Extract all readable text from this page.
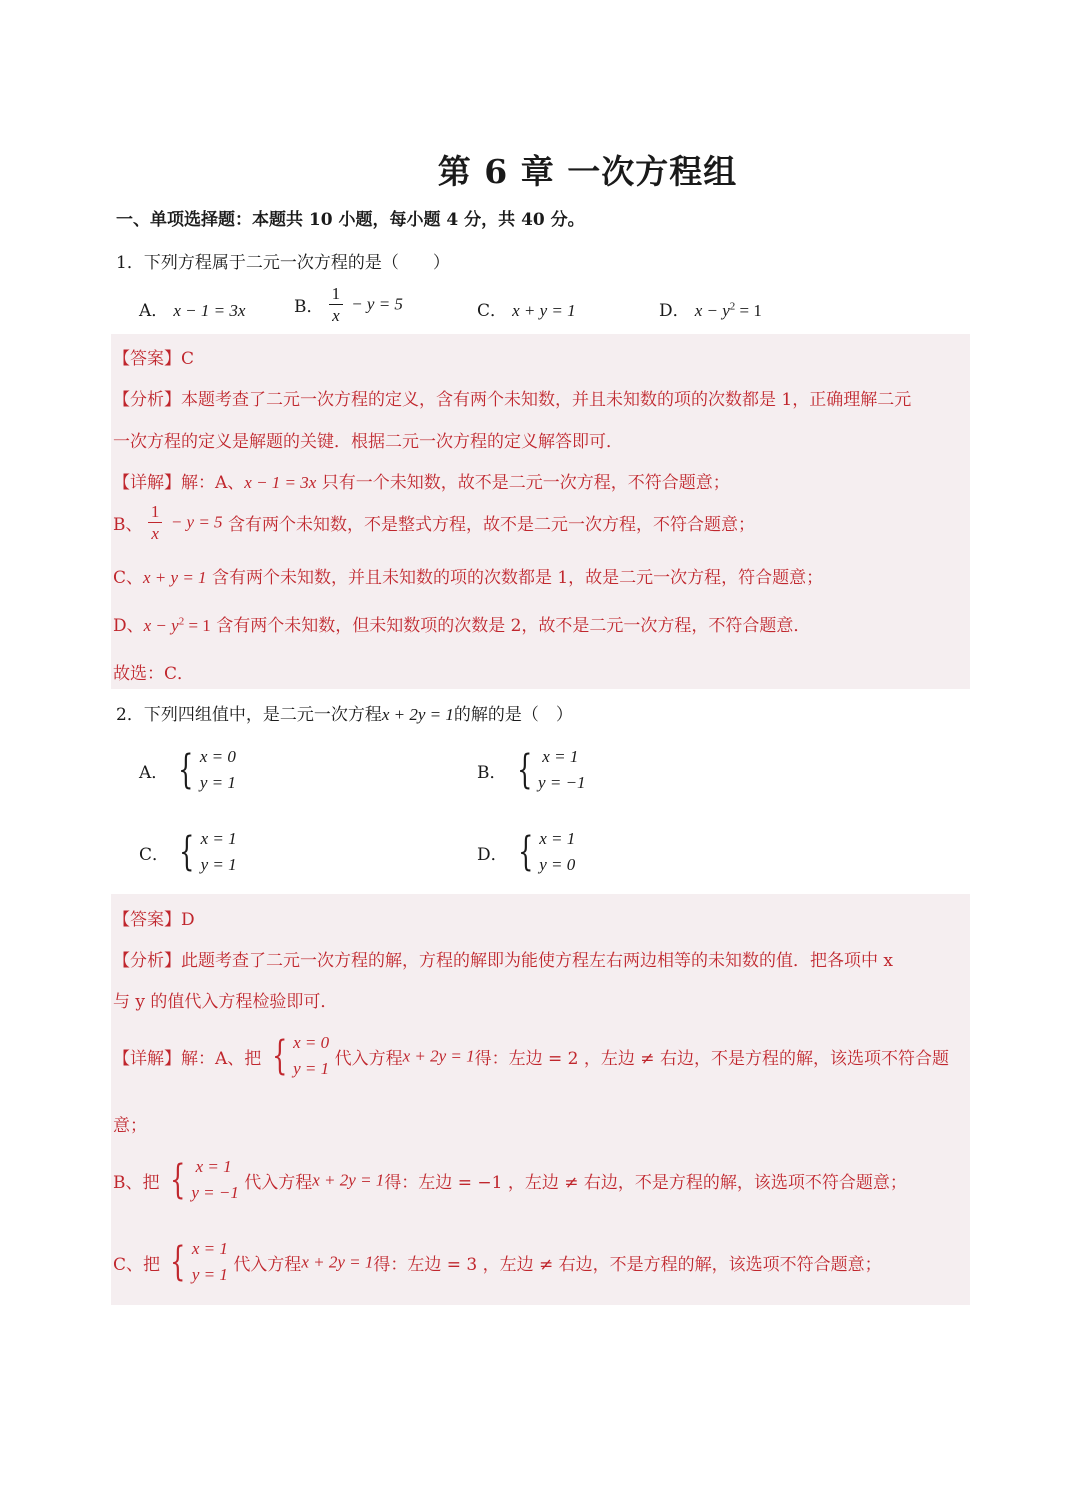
第 6 章 一次方程组
一、单项选择题：本题共 10 小题，每小题 4 分，共 40 分。
1．下列方程属于二元一次方程的是（　　）
A． x − 1 = 3x	B． $\frac{1}{x} - y = 5$	C． x + y = 1	D． $x - y^2 = 1$
【答案】C
【分析】本题考查了二元一次方程的定义，含有两个未知数，并且未知数的项的次数都是 1，正确理解二元
一次方程的定义是解题的关键．根据二元一次方程的定义解答即可．
【详解】解：A、x − 1 = 3x 只有一个未知数，故不是二元一次方程，不符合题意；
B、 $\frac{1}{x} - y = 5$ 含有两个未知数，不是整式方程，故不是二元一次方程，不符合题意；
C、x + y = 1 含有两个未知数，并且未知数的项的次数都是 1，故是二元一次方程，符合题意；
D、$x - y^2 = 1$ 含有两个未知数，但未知数项的次数是 2，故不是二元一次方程，不符合题意．
故选：C．
2．下列四组值中，是二元一次方程x + 2y = 1的解的是（　）
A． { x = 0
y = 1	B． { x = 1
y = −1
C． { x = 1
y = 1	D． { x = 1
y = 0
【答案】D
【分析】此题考查了二元一次方程的解，方程的解即为能使方程左右两边相等的未知数的值．把各项中 x
与 y 的值代入方程检验即可．
【详解】解：A、把 { x = 0
y = 1 代入方程x + 2y = 1得：左边 = 2 ，左边 ≠ 右边，不是方程的解，该选项不符合题
意；
B、把 { x = 1
y = −1 代入方程x + 2y = 1得：左边 = −1 ，左边 ≠ 右边，不是方程的解，该选项不符合题意；
C、把 { x = 1
y = 1 代入方程x + 2y = 1得：左边 = 3 ，左边 ≠ 右边，不是方程的解，该选项不符合题意；
